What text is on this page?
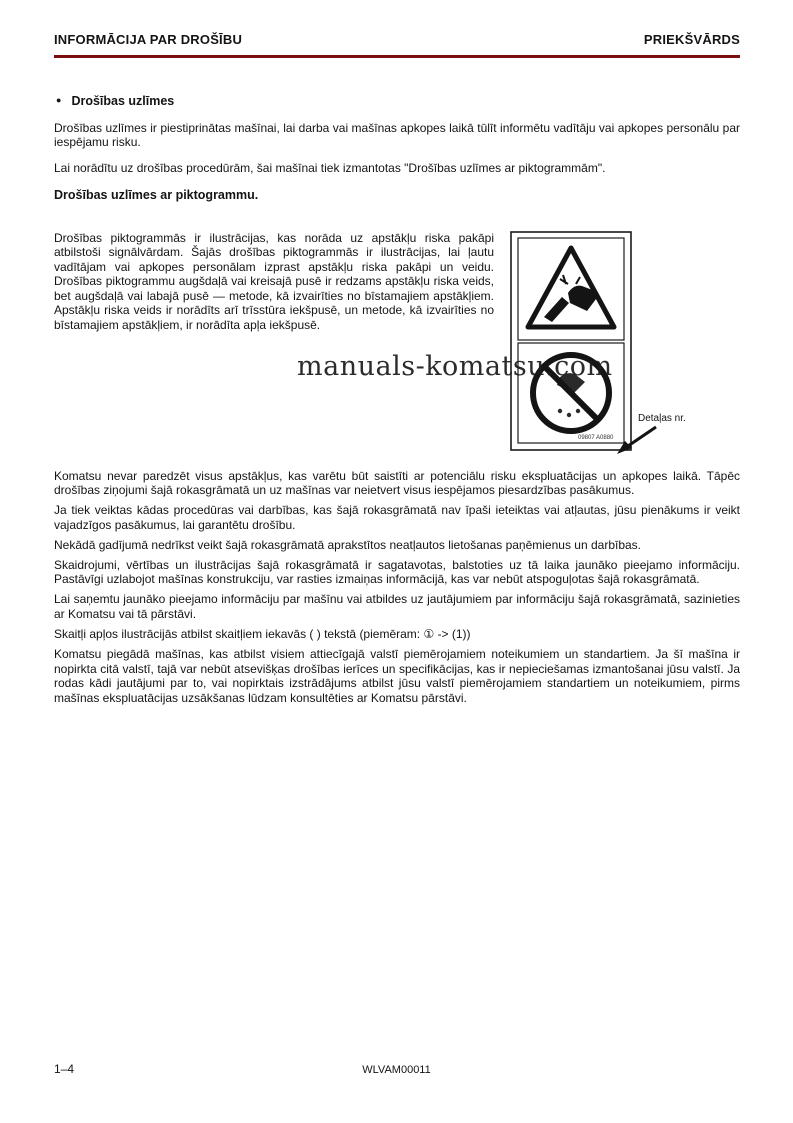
INFORMĀCIJA PAR DROŠĪBU	PRIEKŠVĀRDS
● Drošības uzlīmes

Drošības uzlīmes ir piestiprinātas mašīnai, lai darba vai mašīnas apkopes laikā tūlīt informētu vadītāju vai apkopes personālu par iespējamu risku.

Lai norādītu uz drošības procedūrām, šai mašīnai tiek izmantotas "Drošības uzlīmes ar piktogrammām".

Drošības uzlīmes ar piktogrammu.

Drošības piktogrammās ir ilustrācijas, kas norāda uz apstākļu riska pakāpi atbilstoši signālvārdam. Šajās drošības piktogrammās ir ilustrācijas, lai ļautu vadītājam vai apkopes personālam izprast apstākļu riska pakāpi un veidu. Drošības piktogrammu augšdaļā vai kreisajā pusē ir redzams apstākļu riska veids, bet augšdaļā vai labajā pusē — metode, kā izvairīties no bīstamajiem apstākļiem. Apstākļu riska veids ir norādīts arī trīsstūra iekšpusē, un metode, kā izvairīties no bīstamajiem apstākļiem, ir norādīta apļa iekšpusē.

09807 A0880
Detaļas nr.

Komatsu nevar paredzēt visus apstākļus, kas varētu būt saistīti ar potenciālu risku ekspluatācijas un apkopes laikā. Tāpēc drošības ziņojumi šajā rokasgrāmatā un uz mašīnas var neietvert visus iespējamos piesardzības pasākumus.

Ja tiek veiktas kādas procedūras vai darbības, kas šajā rokasgrāmatā nav īpaši ieteiktas vai atļautas, jūsu pienākums ir veikt vajadzīgos pasākumus, lai garantētu drošību.

Nekādā gadījumā nedrīkst veikt šajā rokasgrāmatā aprakstītos neatļautos lietošanas paņēmienus un darbības.

Skaidrojumi, vērtības un ilustrācijas šajā rokasgrāmatā ir sagatavotas, balstoties uz tā laika jaunāko pieejamo informāciju. Pastāvīgi uzlabojot mašīnas konstrukciju, var rasties izmaiņas informācijā, kas var nebūt atspoguļotas šajā rokasgrāmatā.

Lai saņemtu jaunāko pieejamo informāciju par mašīnu vai atbildes uz jautājumiem par informāciju šajā rokasgrāmatā, sazinieties ar Komatsu vai tā pārstāvi.

Skaitļi apļos ilustrācijās atbilst skaitļiem iekavās ( ) tekstā (piemēram: ① -> (1))

Komatsu piegādā mašīnas, kas atbilst visiem attiecīgajā valstī piemērojamiem noteikumiem un standartiem. Ja šī mašīna ir nopirkta citā valstī, tajā var nebūt atsevišķas drošības ierīces un specifikācijas, kas ir nepieciešamas izmantošanai jūsu valstī. Ja rodas kādi jautājumi par to, vai nopirktais izstrādājums atbilst jūsu valstī piemērojamiem standartiem un noteikumiem, pirms mašīnas ekspluatācijas uzsākšanas lūdzam konsultēties ar Komatsu pārstāvi.

manuals-komatsu.com
1–4	WLVAM00011
